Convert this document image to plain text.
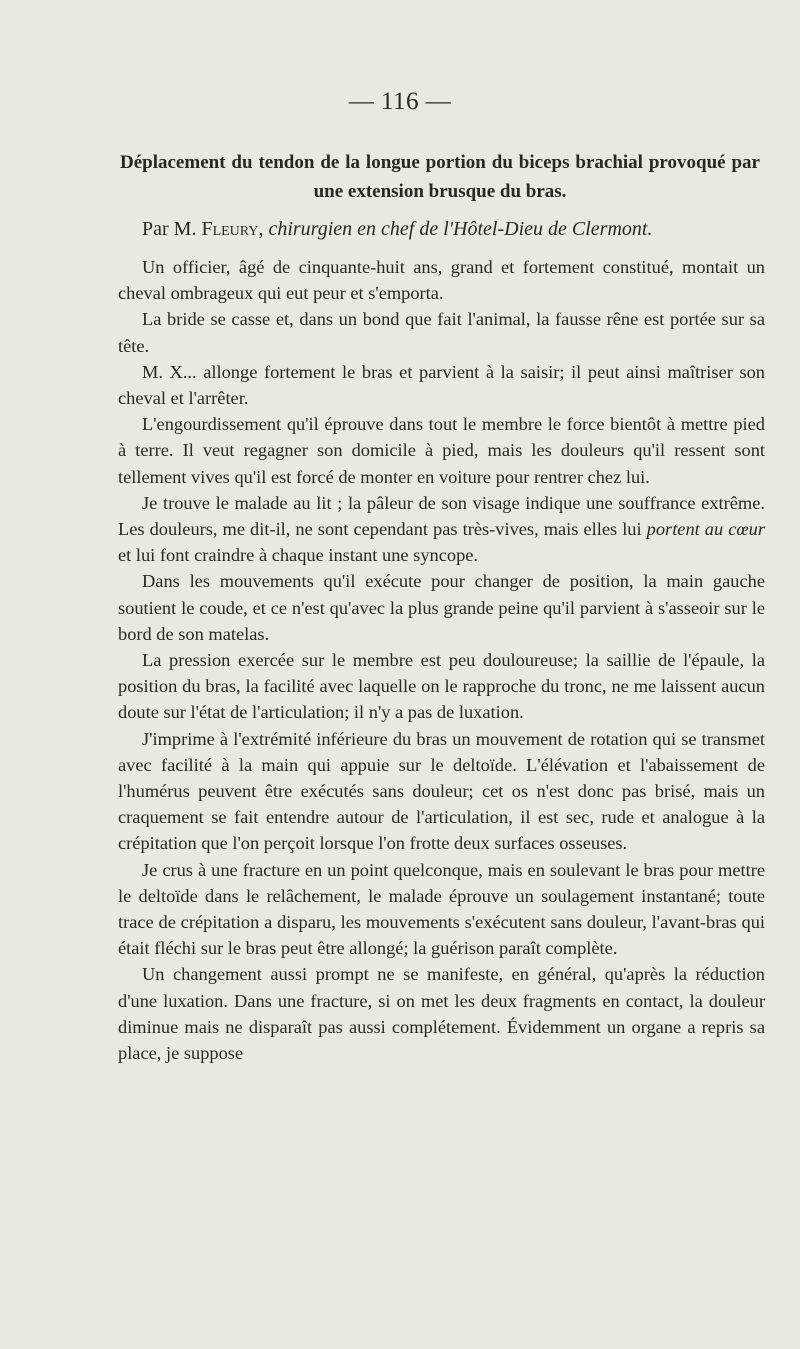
— 116 —
Déplacement du tendon de la longue portion du biceps brachial provoqué par une extension brusque du bras.
Par M. Fleury, chirurgien en chef de l'Hôtel-Dieu de Clermont.

Un officier, âgé de cinquante-huit ans, grand et fortement constitué, montait un cheval ombrageux qui eut peur et s'emporta.

La bride se casse et, dans un bond que fait l'animal, la fausse rêne est portée sur sa tête.

M. X... allonge fortement le bras et parvient à la saisir; il peut ainsi maîtriser son cheval et l'arrêter.

L'engourdissement qu'il éprouve dans tout le membre le force bientôt à mettre pied à terre. Il veut regagner son domicile à pied, mais les douleurs qu'il ressent sont tellement vives qu'il est forcé de monter en voiture pour rentrer chez lui.

Je trouve le malade au lit ; la pâleur de son visage indique une souffrance extrême. Les douleurs, me dit-il, ne sont cependant pas très-vives, mais elles lui portent au cœur et lui font craindre à chaque instant une syncope.

Dans les mouvements qu'il exécute pour changer de position, la main gauche soutient le coude, et ce n'est qu'avec la plus grande peine qu'il parvient à s'asseoir sur le bord de son matelas.

La pression exercée sur le membre est peu douloureuse; la saillie de l'épaule, la position du bras, la facilité avec laquelle on le rapproche du tronc, ne me laissent aucun doute sur l'état de l'articulation; il n'y a pas de luxation.

J'imprime à l'extrémité inférieure du bras un mouvement de rotation qui se transmet avec facilité à la main qui appuie sur le deltoïde. L'élévation et l'abaissement de l'humérus peuvent être exécutés sans douleur; cet os n'est donc pas brisé, mais un craquement se fait entendre autour de l'articulation, il est sec, rude et analogue à la crépitation que l'on perçoit lorsque l'on frotte deux surfaces osseuses.

Je crus à une fracture en un point quelconque, mais en soulevant le bras pour mettre le deltoïde dans le relâchement, le malade éprouve un soulagement instantané; toute trace de crépitation a disparu, les mouvements s'exécutent sans douleur, l'avant-bras qui était fléchi sur le bras peut être allongé; la guérison paraît complète.

Un changement aussi prompt ne se manifeste, en général, qu'après la réduction d'une luxation. Dans une fracture, si on met les deux fragments en contact, la douleur diminue mais ne disparaît pas aussi complétement. Évidemment un organe a repris sa place, je suppose
